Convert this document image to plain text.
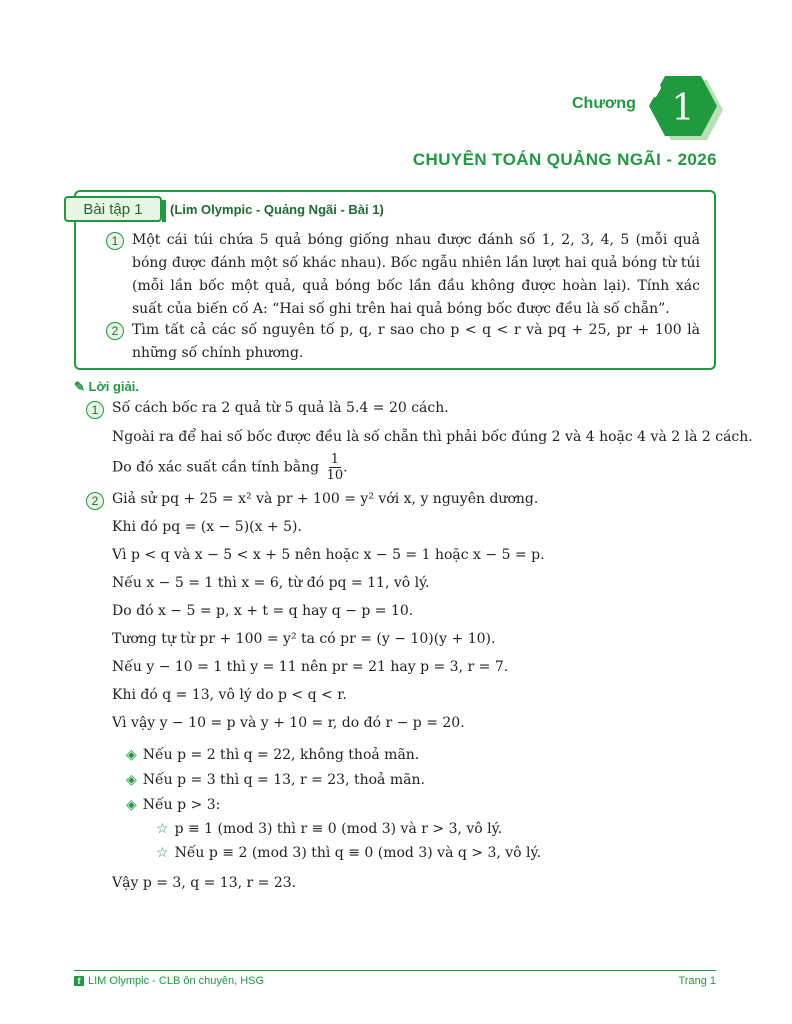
Chương 1
CHUYÊN TOÁN QUẢNG NGÃI - 2026
Bài tập 1	(Lim Olympic - Quảng Ngãi - Bài 1)
1 Một cái túi chứa 5 quả bóng giống nhau được đánh số 1, 2, 3, 4, 5 (mỗi quả bóng được đánh một số khác nhau). Bốc ngẫu nhiên lần lượt hai quả bóng từ túi (mỗi lần bốc một quả, quả bóng bốc lần đầu không được hoàn lại). Tính xác suất của biến cố A: “Hai số ghi trên hai quả bóng bốc được đều là số chẵn”.
2 Tìm tất cả các số nguyên tố p, q, r sao cho p < q < r và pq + 25, pr + 100 là những số chính phương.
✎ Lời giải.
1 Số cách bốc ra 2 quả từ 5 quả là 5.4 = 20 cách.
Ngoài ra để hai số bốc được đều là số chẵn thì phải bốc đúng 2 và 4 hoặc 4 và 2 là 2 cách.
Do đó xác suất cần tính bằng $\frac{1}{10}$ .
2 Giả sử pq + 25 = x² và pr + 100 = y² với x, y nguyên dương.
Khi đó pq = (x − 5)(x + 5).
Vì p < q và x − 5 < x + 5 nên hoặc x − 5 = 1 hoặc x − 5 = p.
Nếu x − 5 = 1 thì x = 6, từ đó pq = 11, vô lý.
Do đó x − 5 = p, x + t = q hay q − p = 10.
Tương tự từ pr + 100 = y² ta có pr = (y − 10)(y + 10).
Nếu y − 10 = 1 thì y = 11 nên pr = 21 hay p = 3, r = 7.
Khi đó q = 13, vô lý do p < q < r.
Vì vậy y − 10 = p và y + 10 = r, do đó r − p = 20.
◈ Nếu p = 2 thì q = 22, không thoả mãn.
◈ Nếu p = 3 thì q = 13, r = 23, thoả mãn.
◈ Nếu p > 3:
☆ p ≡ 1 (mod 3) thì r ≡ 0 (mod 3) và r > 3, vô lý.
☆ Nếu p ≡ 2 (mod 3) thì q ≡ 0 (mod 3) và q > 3, vô lý.
Vậy p = 3, q = 13, r = 23.
f LIM Olympic - CLB ôn chuyên, HSG	Trang 1
